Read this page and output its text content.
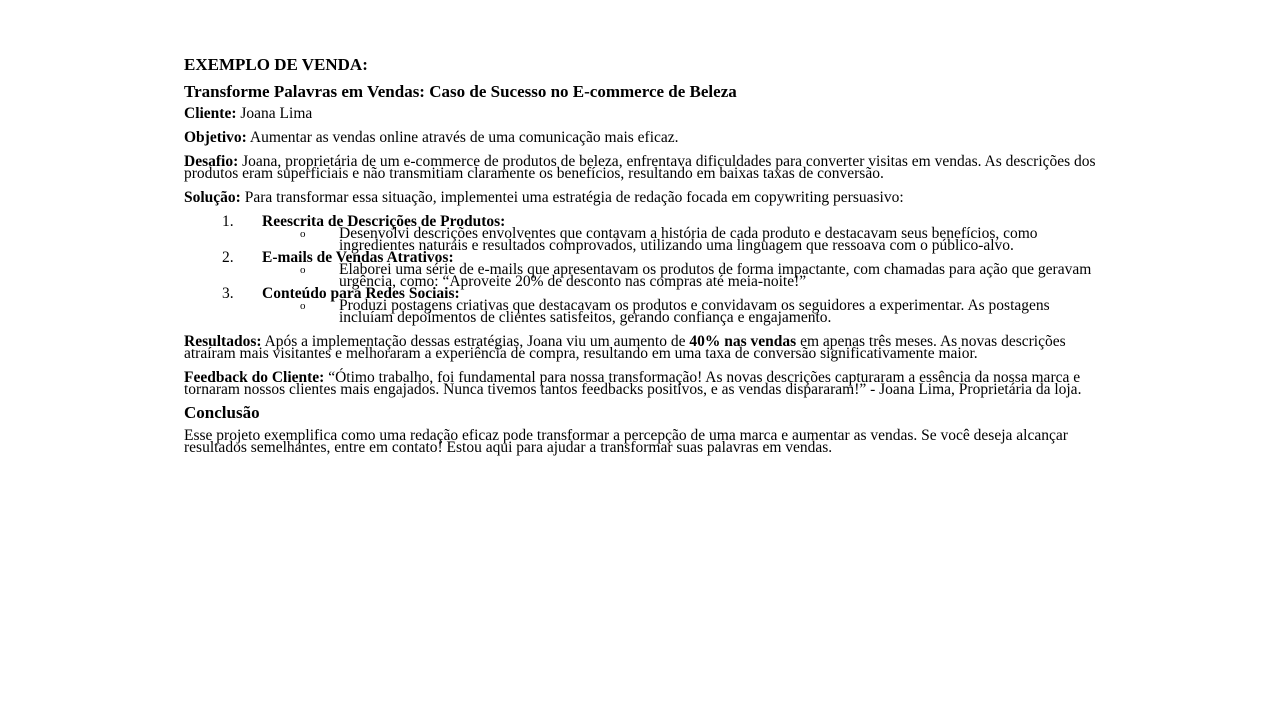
EXEMPLO DE VENDA:

Transforme Palavras em Vendas: Caso de Sucesso no E-commerce de Beleza

Cliente: Joana Lima

Objetivo: Aumentar as vendas online através de uma comunicação mais eficaz.

Desafio: Joana, proprietária de um e-commerce de produtos de beleza, enfrentava dificuldades para converter visitas em vendas. As descrições dos produtos eram superficiais e não transmitiam claramente os benefícios, resultando em baixas taxas de conversão.

Solução: Para transformar essa situação, implementei uma estratégia de redação focada em copywriting persuasivo:

1. Reescrita de Descrições de Produtos:
o Desenvolvi descrições envolventes que contavam a história de cada produto e destacavam seus benefícios, como ingredientes naturais e resultados comprovados, utilizando uma linguagem que ressoava com o público-alvo.
2. E-mails de Vendas Atrativos:
o Elaborei uma série de e-mails que apresentavam os produtos de forma impactante, com chamadas para ação que geravam urgência, como: “Aproveite 20% de desconto nas compras até meia-noite!”
3. Conteúdo para Redes Sociais:
o Produzi postagens criativas que destacavam os produtos e convidavam os seguidores a experimentar. As postagens incluíam depoimentos de clientes satisfeitos, gerando confiança e engajamento.

Resultados: Após a implementação dessas estratégias, Joana viu um aumento de 40% nas vendas em apenas três meses. As novas descrições atraíram mais visitantes e melhoraram a experiência de compra, resultando em uma taxa de conversão significativamente maior.

Feedback do Cliente: “Ótimo trabalho, foi fundamental para nossa transformação! As novas descrições capturaram a essência da nossa marca e tornaram nossos clientes mais engajados. Nunca tivemos tantos feedbacks positivos, e as vendas dispararam!” - Joana Lima, Proprietária da loja.

Conclusão

Esse projeto exemplifica como uma redação eficaz pode transformar a percepção de uma marca e aumentar as vendas. Se você deseja alcançar resultados semelhantes, entre em contato! Estou aqui para ajudar a transformar suas palavras em vendas.
